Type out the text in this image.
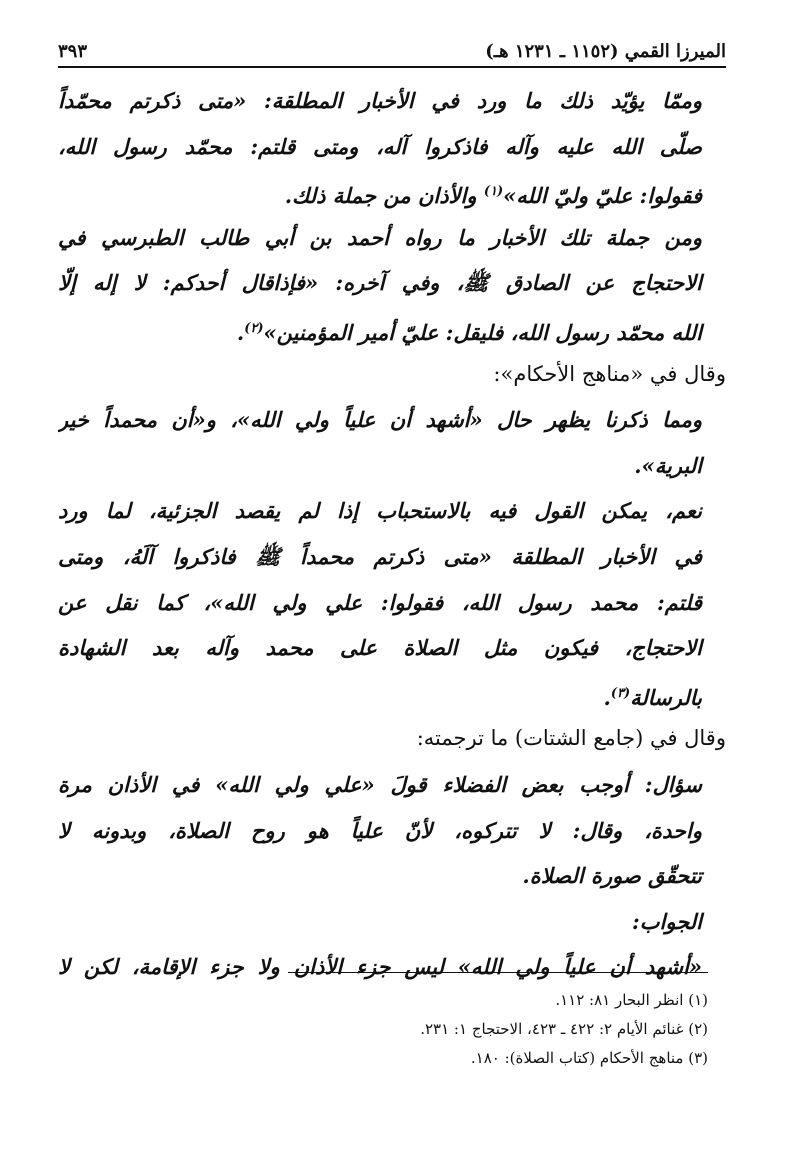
الميرزا القمي (١١٥٢ ـ ١٢٣١ هـ)
٣٩٣
وممّا يؤيّد ذلك ما ورد في الأخبار المطلقة: «متى ذكرتم محمّداً
صلّى الله عليه وآله فاذكروا آله، ومتى قلتم: محمّد رسول الله،
فقولوا: عليّ وليّ الله»$^{(١)}$ والأذان من جملة ذلك.
ومن جملة تلك الأخبار ما رواه أحمد بن أبي طالب الطبرسي في
الاحتجاج عن الصادق ﷺ، وفي آخره: «فإذاقال أحدكم: لا إله إلّا
الله محمّد رسول الله، فليقل: عليّ أمير المؤمنين»$^{(٢)}$.
وقال في «مناهج الأحكام»:
ومما ذكرنا يظهر حال «أشهد أن علياً ولي الله»، و«أن محمداً خير
البرية».
نعم، يمكن القول فيه بالاستحباب إذا لم يقصد الجزئية، لما ورد
في الأخبار المطلقة «متى ذكرتم محمداً ﷺ فاذكروا آلَهُ، ومتى
قلتم: محمد رسول الله، فقولوا: علي ولي الله»، كما نقل عن
الاحتجاج، فيكون مثل الصلاة على محمد وآله بعد الشهادة
بالرسالة$^{(٣)}$.
وقال في (جامع الشتات) ما ترجمته:
سؤال: أوجب بعض الفضلاء قولَ «علي ولي الله» في الأذان مرة
واحدة، وقال: لا تتركوه، لأنّ علياً هو روح الصلاة، وبدونه لا
تتحقّق صورة الصلاة.
الجواب:
«أشهد أن علياً ولي الله» ليس جزء الأذان ولا جزء الإقامة، لكن لا
(١) انظر البحار ٨١: ١١٢.
(٢) غنائم الأيام ٢: ٤٢٢ ـ ٤٢٣، الاحتجاج ١: ٢٣١.
(٣) مناهج الأحكام (كتاب الصلاة): ١٨٠.
